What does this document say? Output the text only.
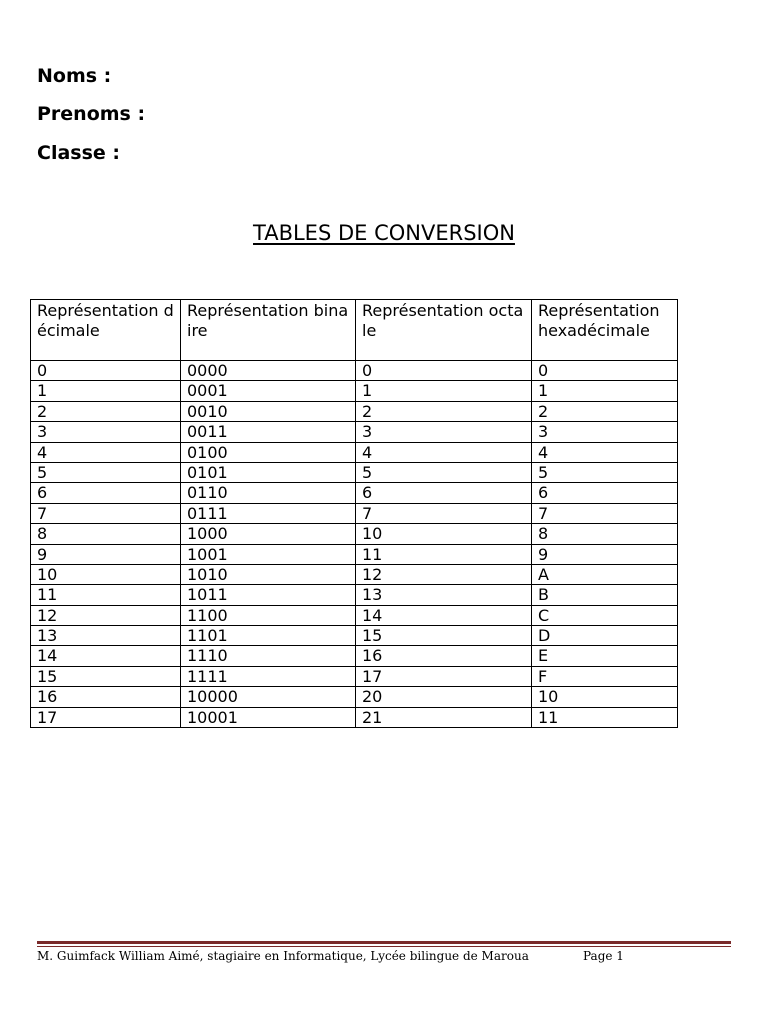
Noms :

Prenoms :

Classe :

TABLES DE CONVERSION
Représentation décimale	Représentation binaire	Représentation octale	Représentation hexadécimale
0	0000	0	0
1	0001	1	1
2	0010	2	2
3	0011	3	3
4	0100	4	4
5	0101	5	5
6	0110	6	6
7	0111	7	7
8	1000	10	8
9	1001	11	9
10	1010	12	A
11	1011	13	B
12	1100	14	C
13	1101	15	D
14	1110	16	E
15	1111	17	F
16	10000	20	10
17	10001	21	11
M. Guimfack William Aimé, stagiaire en Informatique, Lycée bilingue de Maroua	Page 1
